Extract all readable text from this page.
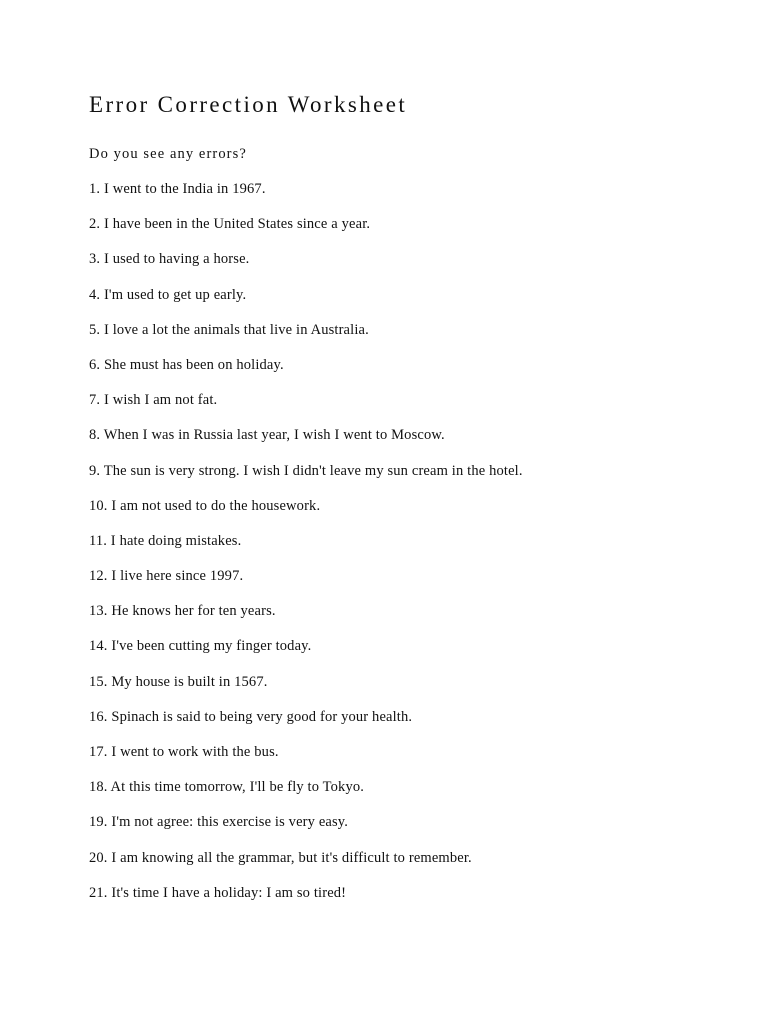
Error Correction Worksheet

Do you see any errors?

1. I went to the India in 1967.
2. I have been in the United States since a year.
3. I used to having a horse.
4. I'm used to get up early.
5. I love a lot the animals that live in Australia.
6. She must has been on holiday.
7. I wish I am not fat.
8. When I was in Russia last year, I wish I went to Moscow.
9. The sun is very strong. I wish I didn't leave my sun cream in the hotel.
10. I am not used to do the housework.
11. I hate doing mistakes.
12. I live here since 1997.
13. He knows her for ten years.
14. I've been cutting my finger today.
15. My house is built in 1567.
16. Spinach is said to being very good for your health.
17. I went to work with the bus.
18. At this time tomorrow, I'll be fly to Tokyo.
19. I'm not agree: this exercise is very easy.
20. I am knowing all the grammar, but it's difficult to remember.
21. It's time I have a holiday: I am so tired!
